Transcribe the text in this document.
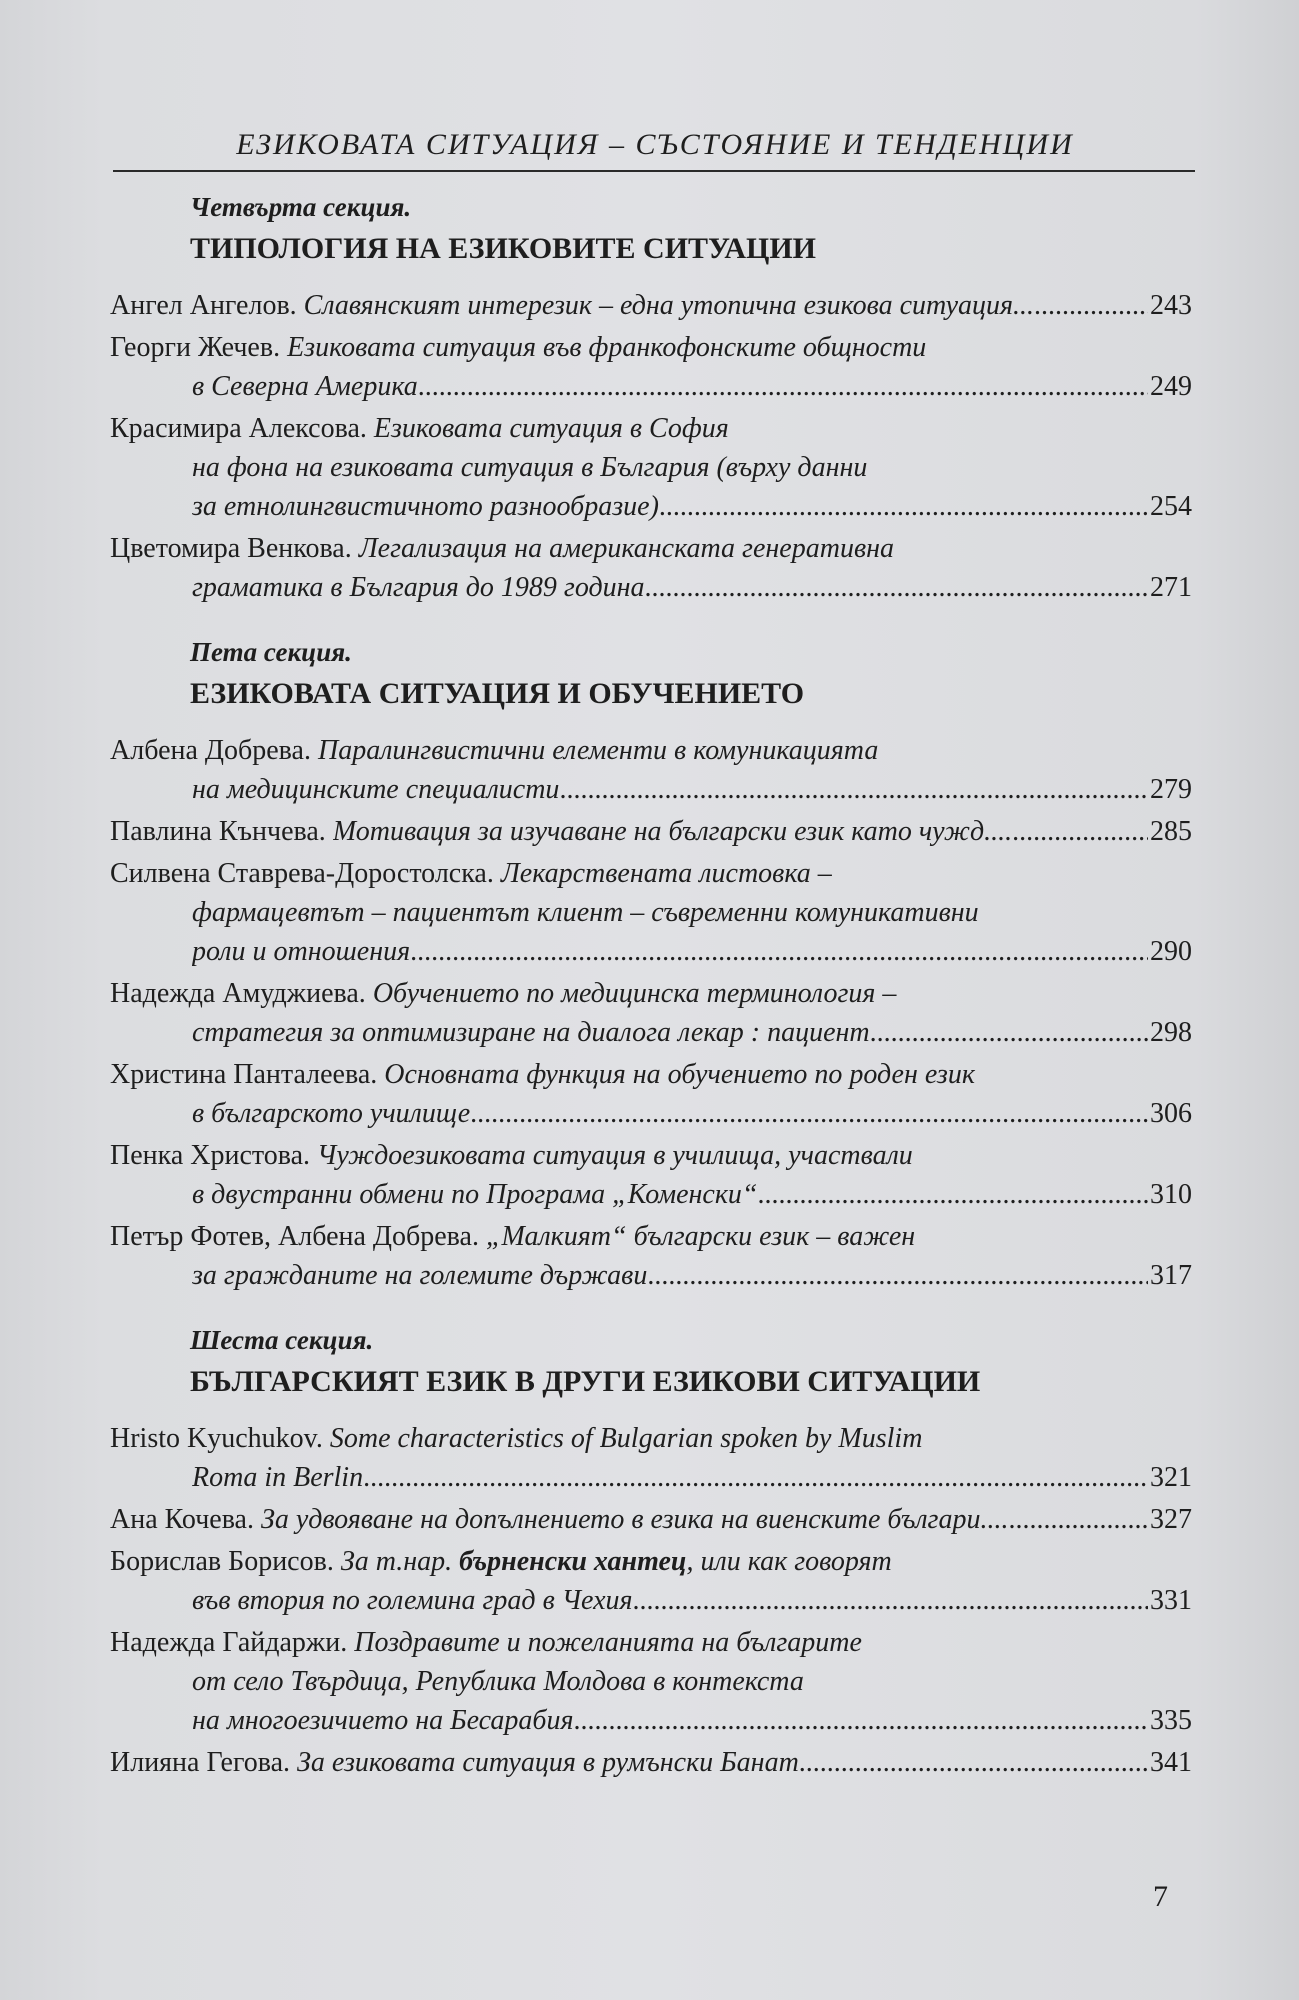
ЕЗИКОВАТА СИТУАЦИЯ – СЪСТОЯНИЕ И ТЕНДЕНЦИИ
Четвърта секция.
ТИПОЛОГИЯ НА ЕЗИКОВИТЕ СИТУАЦИИ
Ангел Ангелов.
Славянският интерезик – една утопична езикова ситуация... .....	243
Георги Жечев.
Езиковата ситуация във франкофонските общности
в Северна Америка .....	249
Красимира Алексова.
Езиковата ситуация в София
на фона на езиковата ситуация в България (върху данни
за етнолингвистичното разнообразие) .....	254
Цветомира Венкова.
Легализация на американската генеративна
граматика в България до 1989 година .....	271
Пета секция.
ЕЗИКОВАТА СИТУАЦИЯ И ОБУЧЕНИЕТО
Албена Добрева.
Паралингвистични елементи в комуникацията
на медицинските специалисти .....	279
Павлина Кънчева.
Мотивация за изучаване на български език като чужд.... .....	285
Силвена Ставрева-Доростолска.
Лекарствената листовка –
фармацевтът – пациентът клиент – съвременни комуникативни
роли и отношения .....	290
Надежда Амуджиева.
Обучението по медицинска терминология –
стратегия за оптимизиране на диалога лекар : пациент .....	298
Христина Панталеева.
Основната функция на обучението по роден език
в българското училище .....	306
Пенка Христова.
Чуждоезиковата ситуация в училища, участвали
в двустранни обмени по Програма „Коменски“ .....	310
Петър Фотев, Албена Добрева.
„Малкият“ български език – важен
за гражданите на големите държави .....	317
Шеста секция.
БЪЛГАРСКИЯТ ЕЗИК В ДРУГИ ЕЗИКОВИ СИТУАЦИИ
Hristo Kyuchukov.
Some characteristics of Bulgarian spoken by Muslim
Roma in Berlin .....	321
Ана Кочева.
За удвояване на допълнението в езика на виенските българи.... .....	327
Борислав Борисов.
За т.нар. бърненски хантец, или как говорят
във втория по големина град в Чехия .....	331
Надежда Гайдаржи.
Поздравите и пожеланията на българите
от село Твърдица, Република Молдова в контекста
на многоезичието на Бесарабия .....	335
Илияна Гегова.
За езиковата ситуация в румънски Банат .....	341
7
